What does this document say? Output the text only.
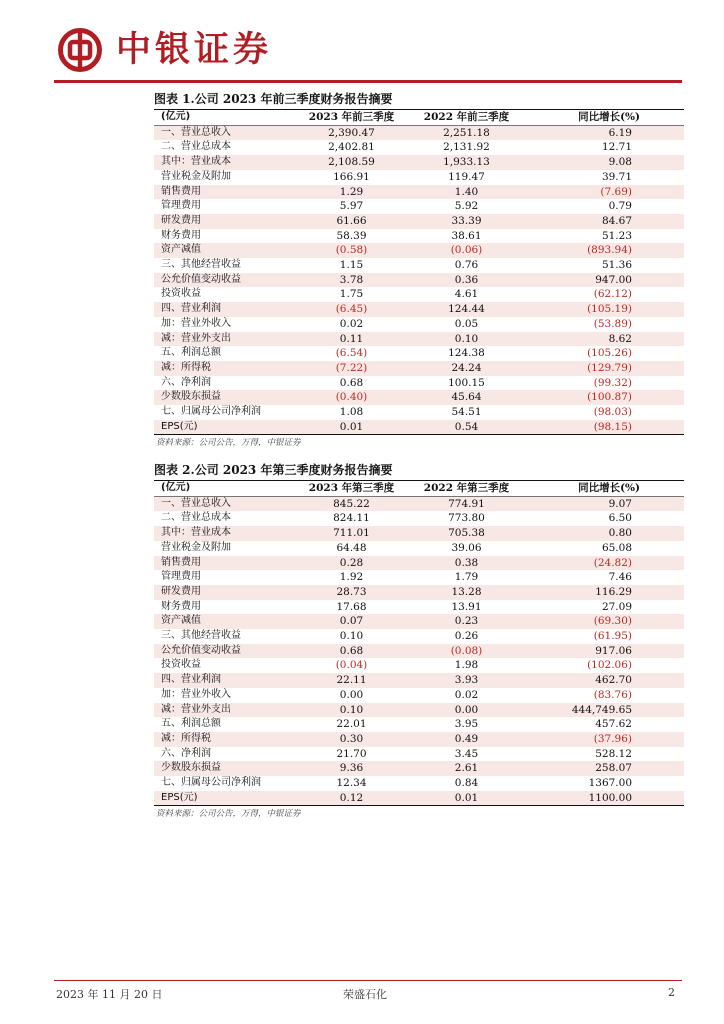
中银证券
图表 1.公司 2023 年前三季度财务报告摘要
(亿元)	2023 年前三季度	2022 年前三季度	同比增长(%)
一、营业总收入	2,390.47	2,251.18	6.19
二、营业总成本	2,402.81	2,131.92	12.71
其中：营业成本	2,108.59	1,933.13	9.08
营业税金及附加	166.91	119.47	39.71
销售费用	1.29	1.40	(7.69)
管理费用	5.97	5.92	0.79
研发费用	61.66	33.39	84.67
财务费用	58.39	38.61	51.23
资产减值	(0.58)	(0.06)	(893.94)
三、其他经营收益	1.15	0.76	51.36
公允价值变动收益	3.78	0.36	947.00
投资收益	1.75	4.61	(62.12)
四、营业利润	(6.45)	124.44	(105.19)
加：营业外收入	0.02	0.05	(53.89)
减：营业外支出	0.11	0.10	8.62
五、利润总额	(6.54)	124.38	(105.26)
减：所得税	(7.22)	24.24	(129.79)
六、净利润	0.68	100.15	(99.32)
少数股东损益	(0.40)	45.64	(100.87)
七、归属母公司净利润	1.08	54.51	(98.03)
EPS(元)	0.01	0.54	(98.15)
资料来源：公司公告，万得，中银证券
图表 2.公司 2023 年第三季度财务报告摘要
(亿元)	2023 年第三季度	2022 年第三季度	同比增长(%)
一、营业总收入	845.22	774.91	9.07
二、营业总成本	824.11	773.80	6.50
其中：营业成本	711.01	705.38	0.80
营业税金及附加	64.48	39.06	65.08
销售费用	0.28	0.38	(24.82)
管理费用	1.92	1.79	7.46
研发费用	28.73	13.28	116.29
财务费用	17.68	13.91	27.09
资产减值	0.07	0.23	(69.30)
三、其他经营收益	0.10	0.26	(61.95)
公允价值变动收益	0.68	(0.08)	917.06
投资收益	(0.04)	1.98	(102.06)
四、营业利润	22.11	3.93	462.70
加：营业外收入	0.00	0.02	(83.76)
减：营业外支出	0.10	0.00	444,749.65
五、利润总额	22.01	3.95	457.62
减：所得税	0.30	0.49	(37.96)
六、净利润	21.70	3.45	528.12
少数股东损益	9.36	2.61	258.07
七、归属母公司净利润	12.34	0.84	1367.00
EPS(元)	0.12	0.01	1100.00
资料来源：公司公告，万得，中银证券
2023 年 11 月 20 日	荣盛石化	2
